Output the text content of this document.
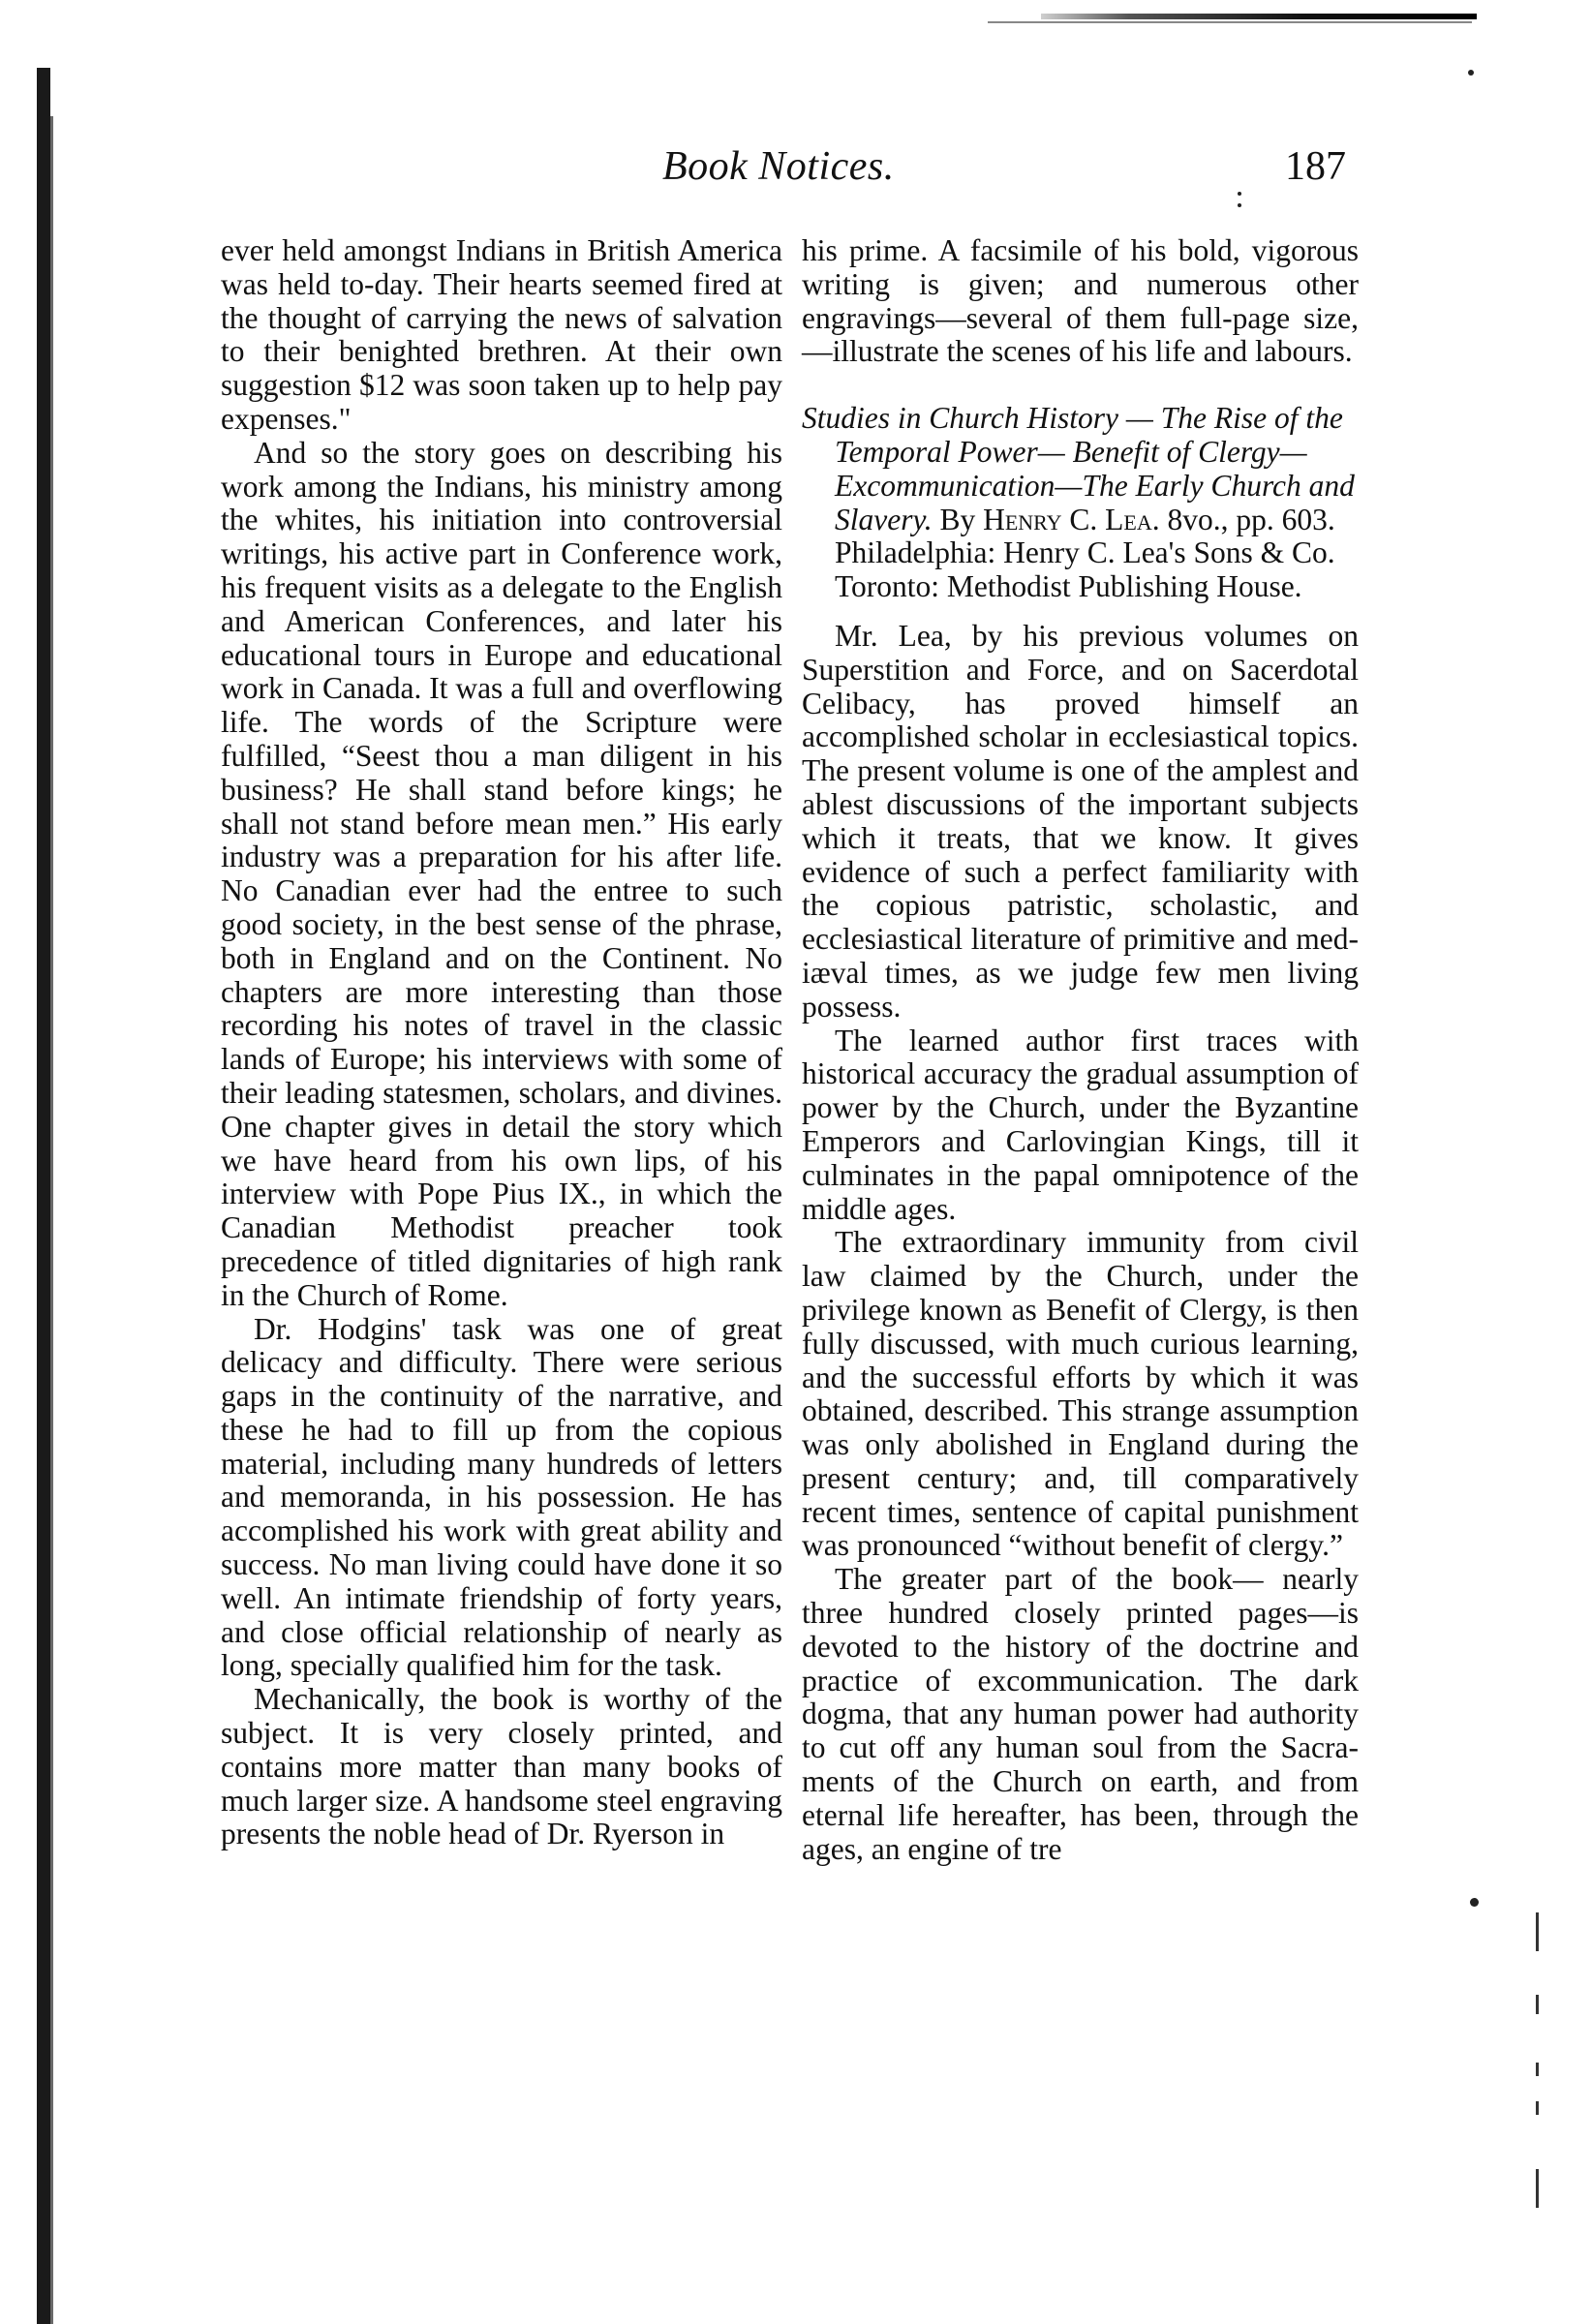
Book Notices.	187

ever held amongst Indians in British America was held to-day. Their hearts seemed fired at the thought of carrying the news of salvation to their benighted brethren. At their own suggestion $12 was soon taken up to help pay expenses."

And so the story goes on describing his work among the Indians, his ministry among the whites, his initiation into controversial writings, his active part in Conference work, his frequent visits as a delegate to the English and American Conferences, and later his educational tours in Europe and educational work in Canada. It was a full and overflowing life. The words of the Scripture were fulfilled, “Seest thou a man diligent in his business? He shall stand before kings; he shall not stand before mean men.” His early industry was a preparation for his after life. No Canadian ever had the entree to such good society, in the best sense of the phrase, both in England and on the Continent. No chapters are more interesting than those recording his notes of travel in the classic lands of Europe; his interviews with some of their leading statesmen, scholars, and divines. One chapter gives in detail the story which we have heard from his own lips, of his interview with Pope Pius IX., in which the Canadian Methodist preacher took precedence of titled dignitaries of high rank in the Church of Rome.

Dr. Hodgins' task was one of great delicacy and difficulty. There were serious gaps in the continuity of the narrative, and these he had to fill up from the copious material, including many hundreds of letters and memoranda, in his possession. He has accomplished his work with great ability and success. No man living could have done it so well. An intimate friendship of forty years, and close official relationship of nearly as long, specially qualified him for the task.

Mechanically, the book is worthy of the subject. It is very closely printed, and contains more matter than many books of much larger size. A handsome steel engraving presents the noble head of Dr. Ryerson in

his prime. A facsimile of his bold, vigorous writing is given; and numerous other engravings—several of them full-page size,—illustrate the scenes of his life and labours.

Studies in Church History — The Rise of the Temporal Power— Benefit of Clergy—Excommunication—The Early Church and Slavery. By Henry C. Lea. 8vo., pp. 603. Philadelphia: Henry C. Lea's Sons & Co. Toronto: Methodist Publishing House.

Mr. Lea, by his previous volumes on Superstition and Force, and on Sacerdotal Celibacy, has proved himself an accomplished scholar in ecclesiastical topics. The present volume is one of the amplest and ablest discussions of the important subjects which it treats, that we know. It gives evidence of such a perfect familiarity with the copious patristic, scholastic, and ecclesiastical literature of primitive and mediæval times, as we judge few men living possess.

The learned author first traces with historical accuracy the gradual assumption of power by the Church, under the Byzantine Emperors and Carlovingian Kings, till it culminates in the papal omnipotence of the middle ages.

The extraordinary immunity from civil law claimed by the Church, under the privilege known as Benefit of Clergy, is then fully discussed, with much curious learning, and the successful efforts by which it was obtained, described. This strange assumption was only abolished in England during the present century; and, till comparatively recent times, sentence of capital punishment was pronounced “without benefit of clergy.”

The greater part of the book— nearly three hundred closely printed pages—is devoted to the history of the doctrine and practice of excommunication. The dark dogma, that any human power had authority to cut off any human soul from the Sacraments of the Church on earth, and from eternal life hereafter, has been, through the ages, an engine of tre
